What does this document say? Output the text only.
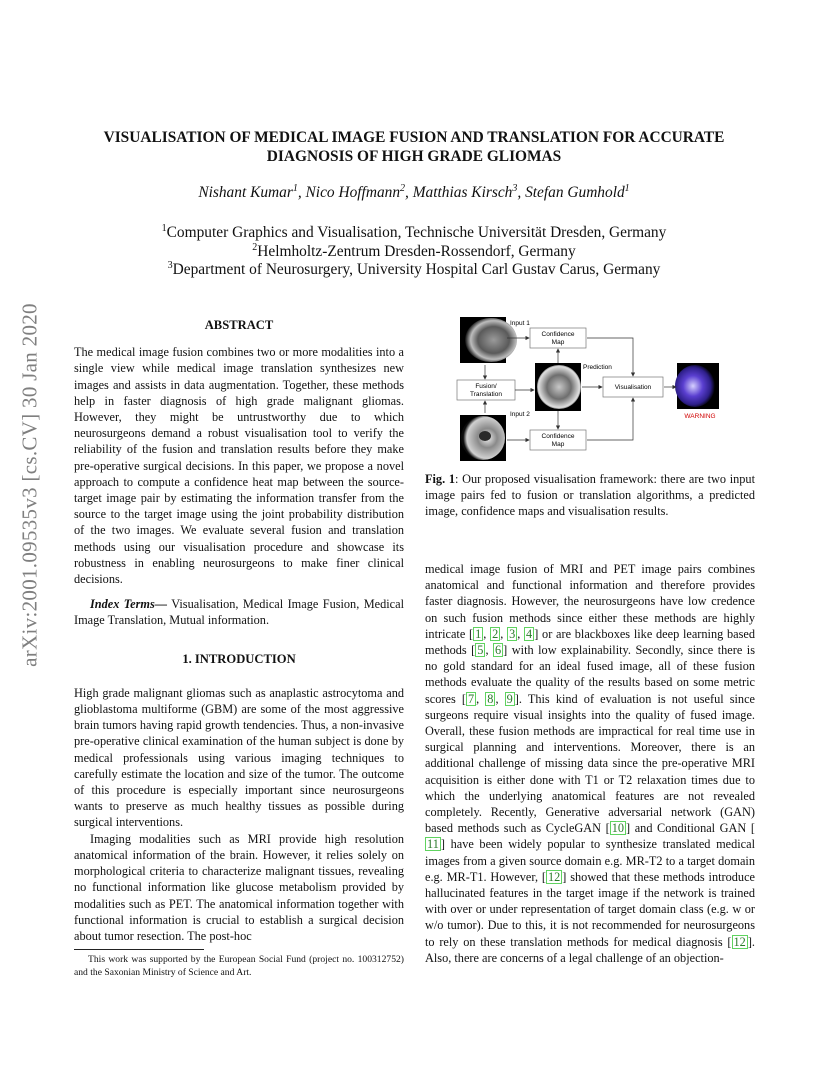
arXiv:2001.09535v3 [cs.CV] 30 Jan 2020
VISUALISATION OF MEDICAL IMAGE FUSION AND TRANSLATION FOR ACCURATE
DIAGNOSIS OF HIGH GRADE GLIOMAS
Nishant Kumar$^1$, Nico Hoffmann$^2$, Matthias Kirsch$^3$, Stefan Gumhold$^1$
$^1$Computer Graphics and Visualisation, Technische Universität Dresden, Germany
$^2$Helmholtz-Zentrum Dresden-Rossendorf, Germany
$^3$Department of Neurosurgery, University Hospital Carl Gustav Carus, Germany
ABSTRACT

The medical image fusion combines two or more modalities into a single view while medical image translation synthesizes new images and assists in data augmentation. Together, these methods help in faster diagnosis of high grade malignant gliomas. However, they might be untrustworthy due to which neurosurgeons demand a robust visualisation tool to verify the reliability of the fusion and translation results before they make pre-operative surgical decisions. In this paper, we propose a novel approach to compute a confidence heat map between the source-target image pair by estimating the information transfer from the source to the target image using the joint probability distribution of the two images. We evaluate several fusion and translation methods using our visualisation procedure and showcase its robustness in enabling neurosurgeons to make finer clinical decisions.

Index Terms— Visualisation, Medical Image Fusion, Medical Image Translation, Mutual information.

1. INTRODUCTION

High grade malignant gliomas such as anaplastic astrocytoma and glioblastoma multiforme (GBM) are some of the most aggressive brain tumors having rapid growth tendencies. Thus, a non-invasive pre-operative clinical examination of the human subject is done by medical professionals using various imaging techniques to carefully estimate the location and size of the tumor. The outcome of this procedure is especially important since neurosurgeons wants to preserve as much healthy tissues as possible during surgical interventions.

Imaging modalities such as MRI provide high resolution anatomical information of the brain. However, it relies solely on morphological criteria to characterize malignant tissues, revealing no functional information like glucose metabolism provided by modalities such as PET. The anatomical information together with functional information is crucial to establish a surgical decision about tumor resection. The post-hoc

This work was supported by the European Social Fund (project no. 100312752) and the Saxonian Ministry of Science and Art.
Input 1
Input 2
Confidence
Map
Confidence
Map
Fusion/
Translation
Prediction
Visualisation
WARNING
Fig. 1: Our proposed visualisation framework: there are two input image pairs fed to fusion or translation algorithms, a predicted image, confidence maps and visualisation results.

medical image fusion of MRI and PET image pairs combines anatomical and functional information and therefore provides faster diagnosis. However, the neurosurgeons have low credence on such fusion methods since either these methods are highly intricate [ 1 , 2 , 3 , 4 ] or are blackboxes like deep learning based methods [ 5 , 6 ] with low explainability. Secondly, since there is no gold standard for an ideal fused image, all of these fusion methods evaluate the quality of the results based on some metric scores [ 7 , 8 , 9 ]. This kind of evaluation is not useful since surgeons require visual insights into the quality of fused image. Overall, these fusion methods are impractical for real time use in surgical planning and interventions. Moreover, there is an additional challenge of missing data since the pre-operative MRI acquisition is either done with T1 or T2 relaxation times due to which the underlying anatomical features are not revealed completely. Recently, Generative adversarial network (GAN) based methods such as CycleGAN [ 10 ] and Conditional GAN [11 ] have been widely popular to synthesize translated medical images from a given source domain e.g. MR-T2 to a target domain e.g. MR-T1. However, [ 12 ] showed that these methods introduce hallucinated features in the target image if the network is trained with over or under representation of target domain class (e.g. w or w/o tumor). Due to this, it is not recommended for neurosurgeons to rely on these translation methods for medical diagnosis [ 12 ]. Also, there are concerns of a legal challenge of an objection-
